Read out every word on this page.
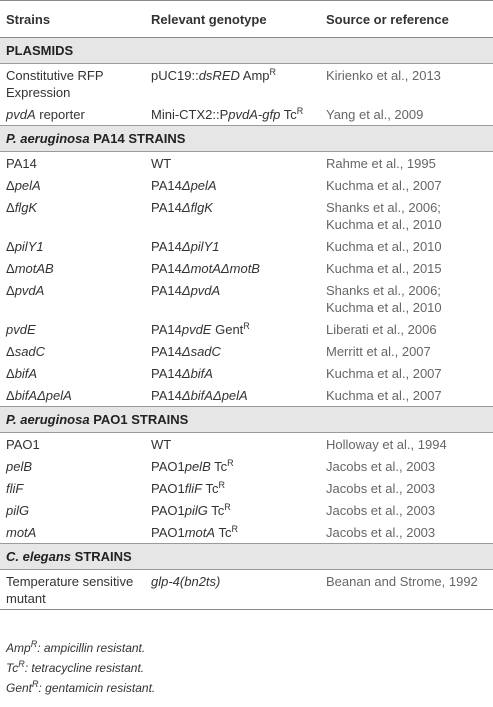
Strains	Relevant genotype	Source or reference
PLASMIDS		
Constitutive RFP
Expression	pUC19::dsRED Amp$^R$	Kirienko et al., 2013
pvdA reporter	Mini-CTX2::PpvdA-gfp $Tc^R$	Yang et al., 2009
P. aeruginosa PA14 STRAINS		
PA14	WT	Rahme et al., 1995
ΔpelA	PA14ΔpelA	Kuchma et al., 2007
ΔflgK	PA14ΔflgK	Shanks et al., 2006;
Kuchma et al., 2010
ΔpilY1	PA14ΔpilY1	Kuchma et al., 2010
ΔmotAB	PA14ΔmotAΔmotB	Kuchma et al., 2015
ΔpvdA	PA14ΔpvdA	Shanks et al., 2006;
Kuchma et al., 2010
pvdE	PA14pvdE Gent$^R$	Liberati et al., 2006
ΔsadC	PA14ΔsadC	Merritt et al., 2007
ΔbifA	PA14ΔbifA	Kuchma et al., 2007
ΔbifAΔpelA	PA14ΔbifAΔpelA	Kuchma et al., 2007
P. aeruginosa PAO1 STRAINS		
PAO1	WT	Holloway et al., 1994
pelB	PAO1pelB $Tc^R$	Jacobs et al., 2003
fliF	PAO1fliF $Tc^R$	Jacobs et al., 2003
pilG	PAO1pilG $Tc^R$	Jacobs et al., 2003
motA	PAO1motA $Tc^R$	Jacobs et al., 2003
C. elegans STRAINS		
Temperature sensitive
mutant	glp-4(bn2ts)	Beanan and Strome, 1992
Amp$^R$: ampicillin resistant.
$Tc^R$: tetracycline resistant.
Gent$^R$: gentamicin resistant.
